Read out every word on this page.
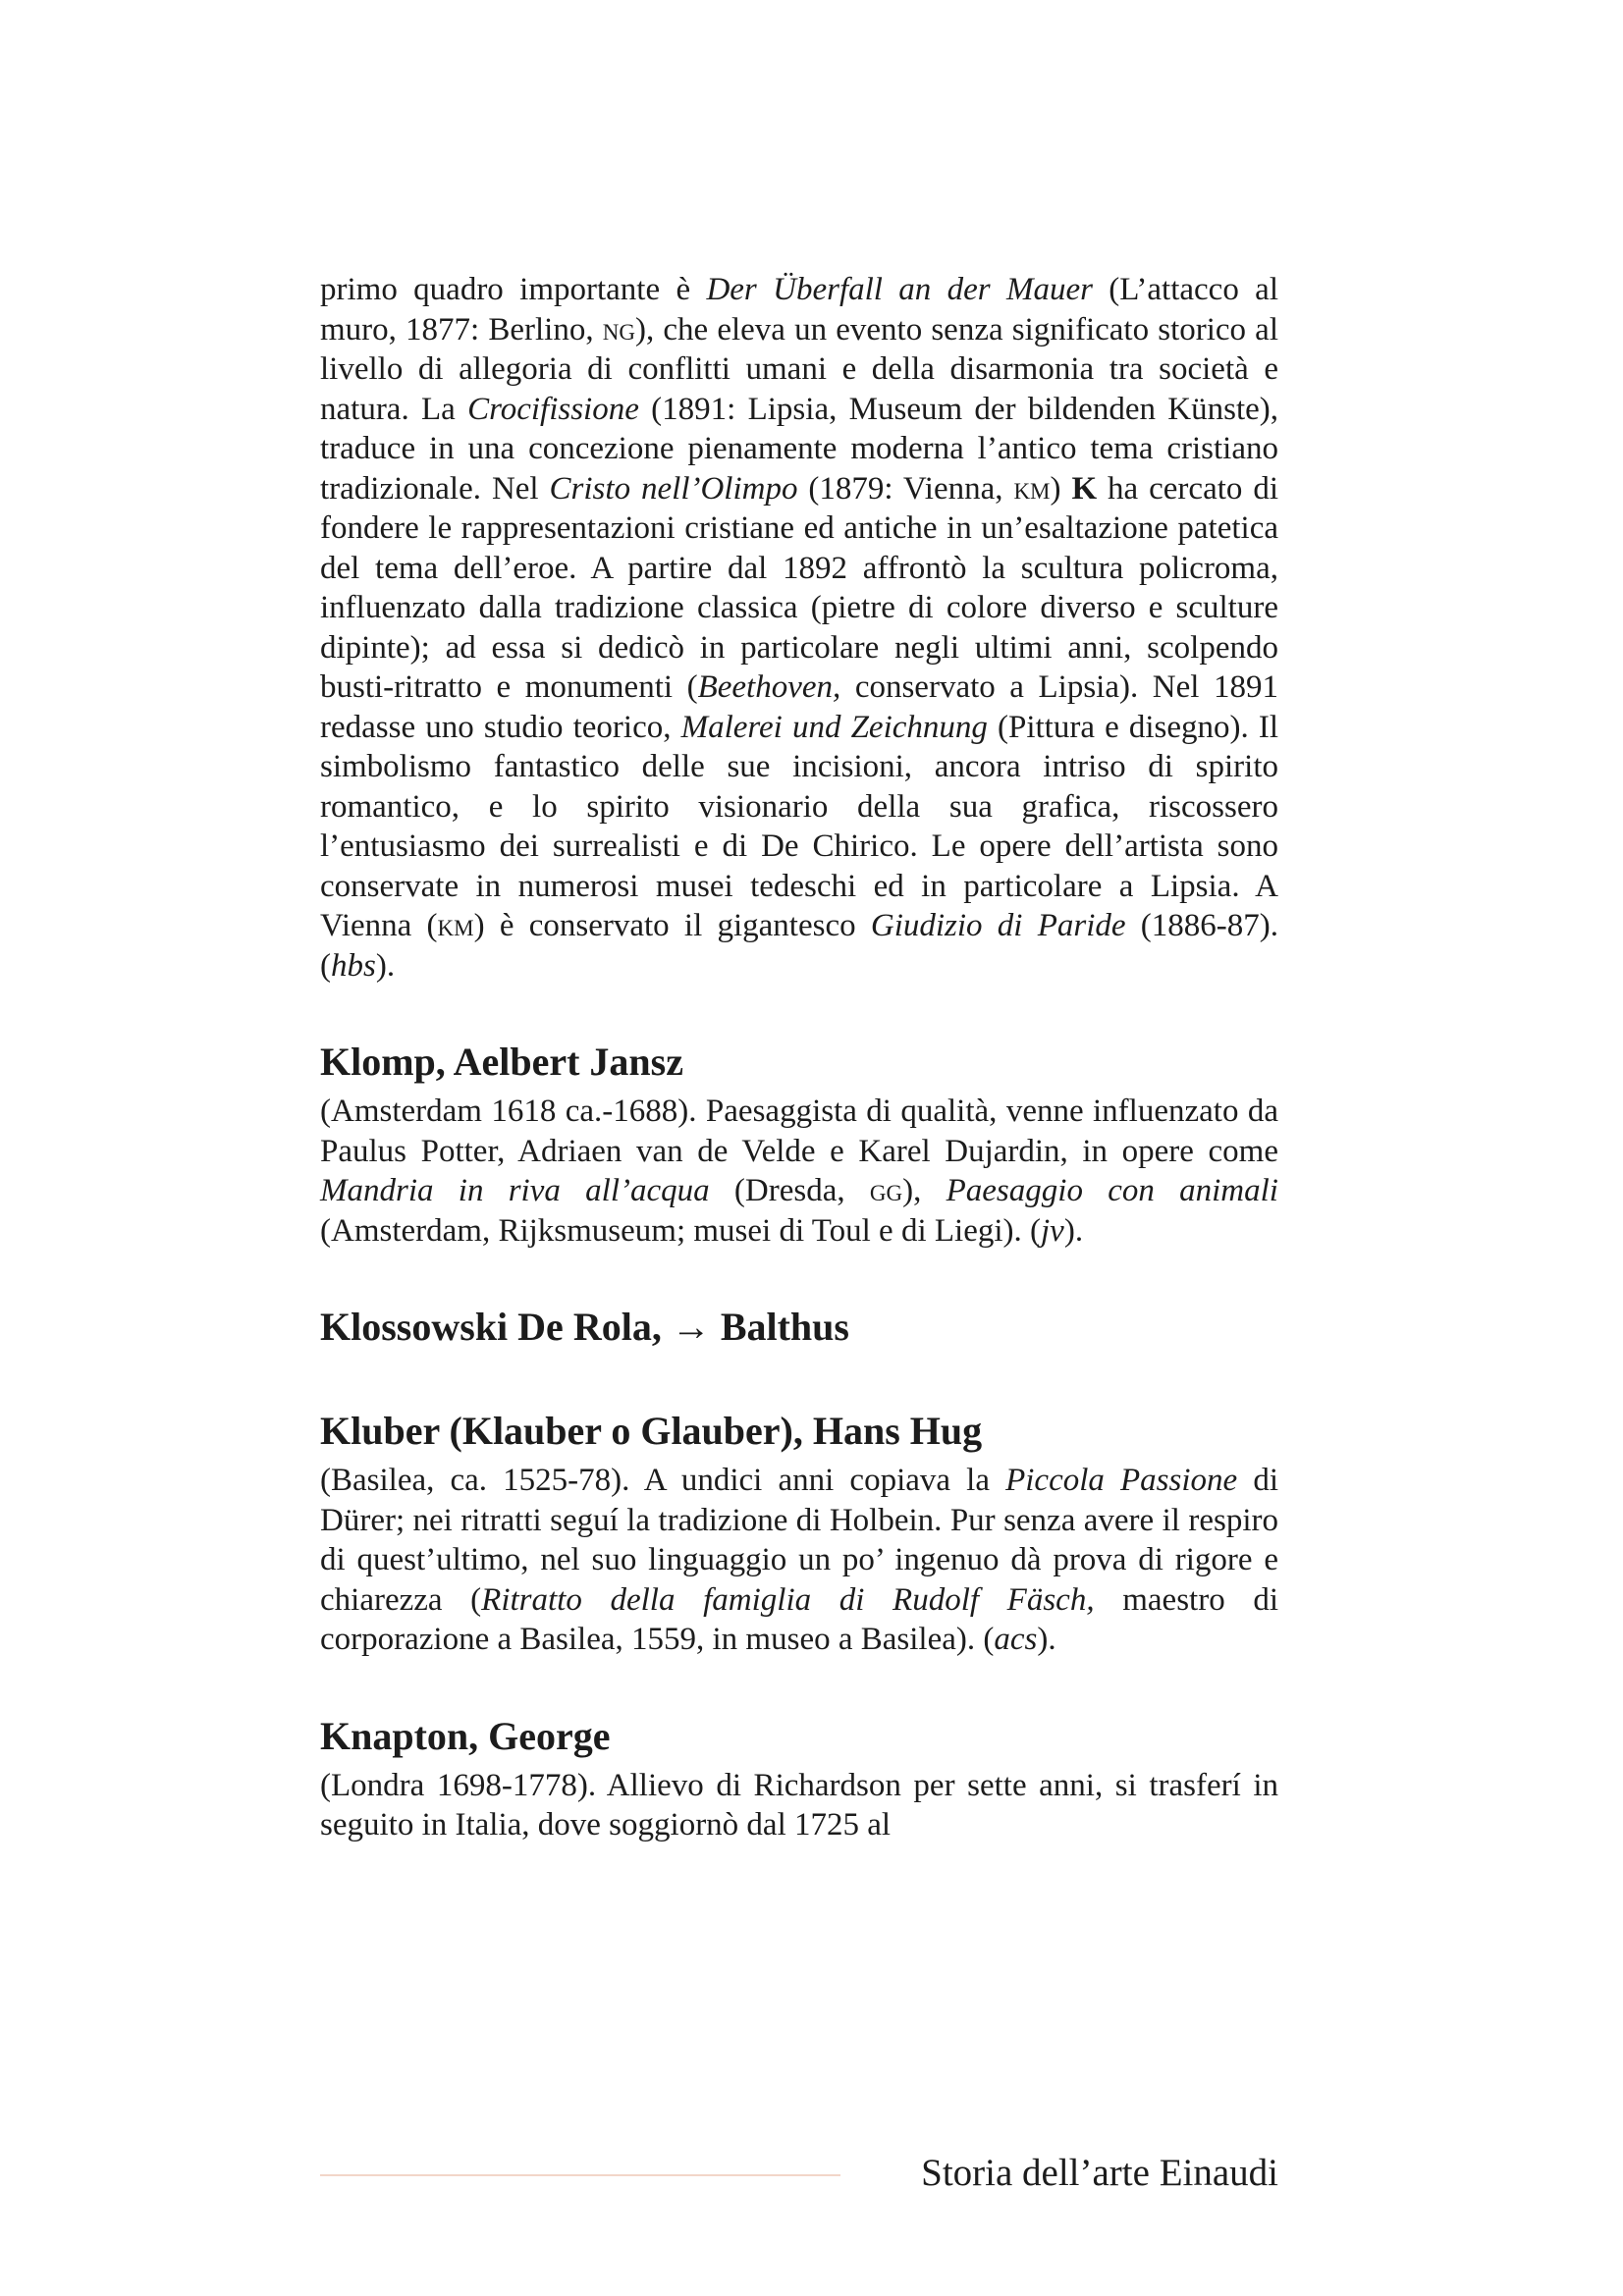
primo quadro importante è Der Überfall an der Mauer (L’attacco al muro, 1877: Berlino, ng), che eleva un evento senza significato storico al livello di allegoria di conflitti umani e della disarmonia tra società e natura. La Crocifissione (1891: Lipsia, Museum der bildenden Künste), traduce in una concezione pienamente moderna l’antico tema cristiano tradizionale. Nel Cristo nell’Olimpo (1879: Vienna, km) K ha cercato di fondere le rappresentazioni cristiane ed antiche in un’esaltazione patetica del tema dell’eroe. A partire dal 1892 affrontò la scultura policroma, influenzato dalla tradizione classica (pietre di colore diverso e sculture dipinte); ad essa si dedicò in particolare negli ultimi anni, scolpendo busti-ritratto e monumenti (Beethoven, conservato a Lipsia). Nel 1891 redasse uno studio teorico, Malerei und Zeichnung (Pittura e disegno). Il simbolismo fantastico delle sue incisioni, ancora intriso di spirito romantico, e lo spirito visionario della sua grafica, riscossero l’entusiasmo dei surrealisti e di De Chirico. Le opere dell’artista sono conservate in numerosi musei tedeschi ed in particolare a Lipsia. A Vienna (km) è conservato il gigantesco Giudizio di Paride (1886-87). (hbs).

Klomp, Aelbert Jansz

(Amsterdam 1618 ca.-1688). Paesaggista di qualità, venne influenzato da Paulus Potter, Adriaen van de Velde e Karel Dujardin, in opere come Mandria in riva all’acqua (Dresda, gg), Paesaggio con animali (Amsterdam, Rijksmuseum; musei di Toul e di Liegi). (jv).

Klossowski De Rola, → Balthus
Kluber (Klauber o Glauber), Hans Hug

(Basilea, ca. 1525-78). A undici anni copiava la Piccola Passione di Dürer; nei ritratti seguí la tradizione di Holbein. Pur senza avere il respiro di quest’ultimo, nel suo linguaggio un po’ ingenuo dà prova di rigore e chiarezza (Ritratto della famiglia di Rudolf Fäsch, maestro di corporazione a Basilea, 1559, in museo a Basilea). (acs).

Knapton, George

(Londra 1698-1778). Allievo di Richardson per sette anni, si trasferí in seguito in Italia, dove soggiornò dal 1725 al

Storia dell’arte Einaudi
